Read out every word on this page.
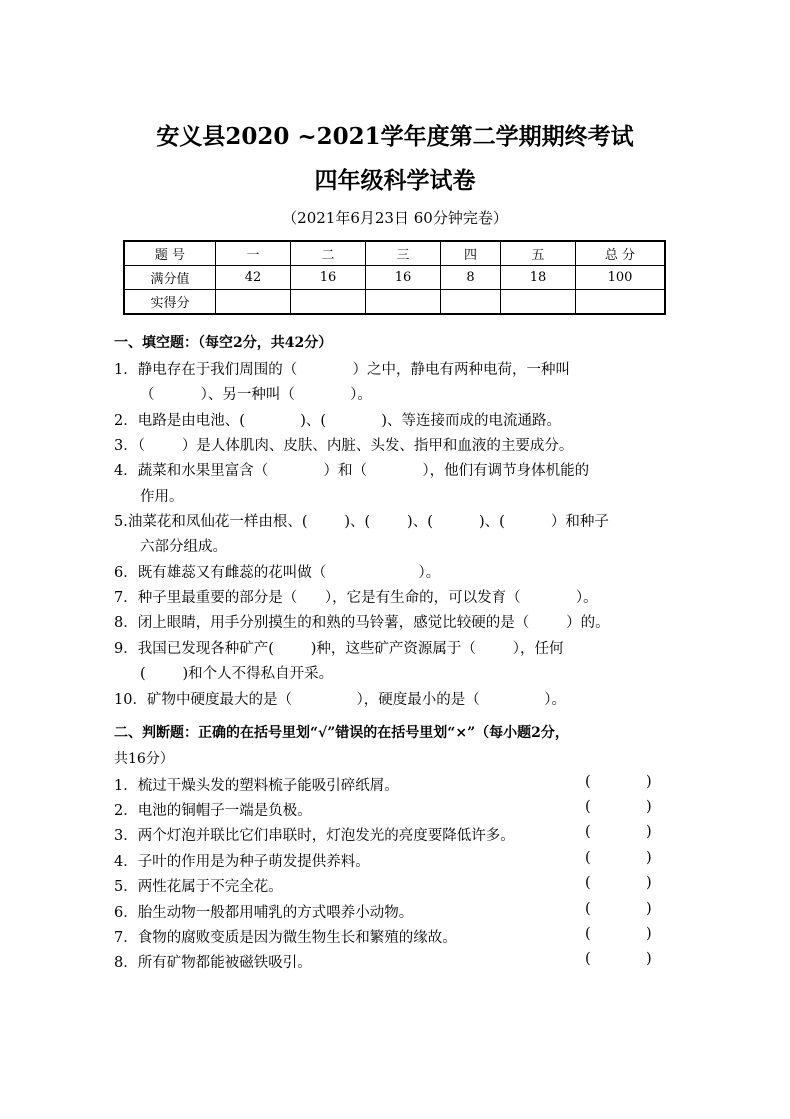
安义县2020 ~2021学年度第二学期期终考试
四年级科学试卷
（2021年6月23日 60分钟完卷）
题 号	一	二	三	四	五	总 分
满分值	42	16	16	8	18	100
实得分						
一、填空题：（每空2分，共42分）
1．静电存在于我们周围的（            ）之中，静电有两种电荷，一种叫
（          ）、另一种叫（            ）。
2．电路是由电池、(            )、(            )、等连接而成的电流通路。
3．（        ）是人体肌肉、皮肤、内脏、头发、指甲和血液的主要成分。
4．蔬菜和水果里富含（            ）和（            ），他们有调节身体机能的
作用。
5.油菜花和凤仙花一样由根、(        )、(        )、(          )、(          ）和种子
六部分组成。
6．既有雄蕊又有雌蕊的花叫做（                    ）。
7．种子里最重要的部分是（      ），它是有生命的，可以发育（            ）。
8．闭上眼睛，用手分别摸生的和熟的马铃薯，感觉比较硬的是（        ）的。
9．我国已发现各种矿产(        )种，这些矿产资源属于（        ），任何
(        )和个人不得私自开采。
10．矿物中硬度最大的是（              ），硬度最小的是（              ）。
二、判断题：正确的在括号里划“√”错误的在括号里划“×”（每小题2分，
共16分）
1．梳过干燥头发的塑料梳子能吸引碎纸屑。	(            )
2．电池的铜帽子一端是负极。	(            )
3．两个灯泡并联比它们串联时，灯泡发光的亮度要降低许多。	(            )
4．子叶的作用是为种子萌发提供养料。	(            )
5．两性花属于不完全花。	(            )
6．胎生动物一般都用哺乳的方式喂养小动物。	(            )
7．食物的腐败变质是因为微生物生长和繁殖的缘故。	(            )
8．所有矿物都能被磁铁吸引。	(            )
